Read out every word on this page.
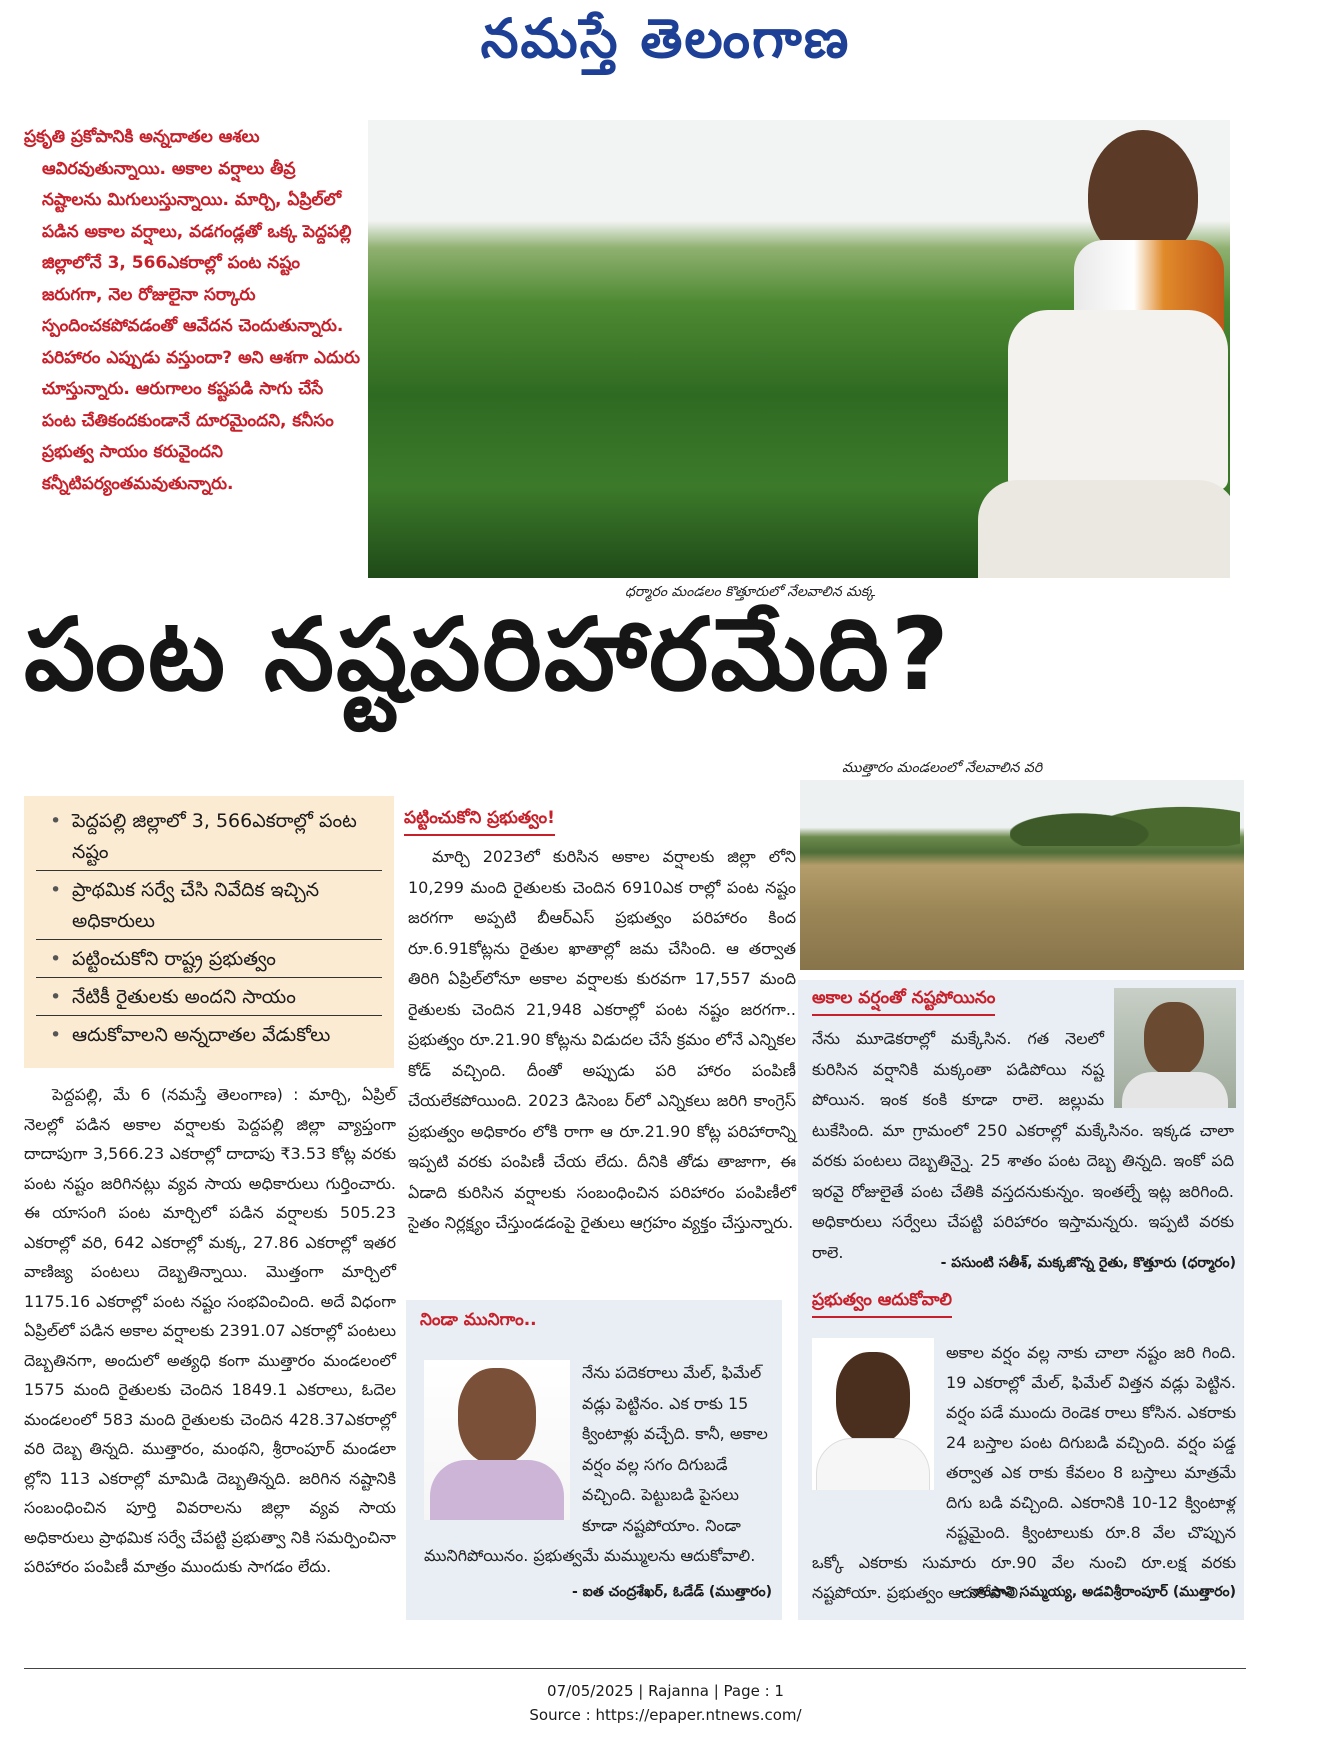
నమస్తే తెలంగాణ

ప్రకృతి ప్రకోపానికి అన్నదాతల ఆశలు ఆవిరవుతున్నాయి. అకాల వర్షాలు తీవ్ర నష్టాలను మిగులుస్తున్నాయి. మార్చి, ఏప్రిల్‌లో పడిన అకాల వర్షాలు, వడగండ్లతో ఒక్క పెద్దపల్లి జిల్లాలోనే 3, 566ఎకరాల్లో పంట నష్టం జరుగగా, నెల రోజులైనా సర్కారు స్పందించకపోవడంతో ఆవేదన చెందుతున్నారు. పరిహారం ఎప్పుడు వస్తుందా? అని ఆశగా ఎదురు చూస్తున్నారు. ఆరుగాలం కష్టపడి సాగు చేసే పంట చేతికందకుండానే దూరమైందని, కనీసం ప్రభుత్వ సాయం కరువైందని కన్నీటిపర్యంతమవుతున్నారు.

ధర్మారం మండలం కొత్తూరులో నేలవాలిన మక్క
పంట నష్టపరిహారమేది?
ముత్తారం మండలంలో నేలవాలిన వరి
• పెద్దపల్లి జిల్లాలో 3, 566ఎకరాల్లో పంట నష్టం
• ప్రాథమిక సర్వే చేసి నివేదిక ఇచ్చిన అధికారులు
• పట్టించుకోని రాష్ట్ర ప్రభుత్వం
• నేటికీ రైతులకు అందని సాయం
• ఆదుకోవాలని అన్నదాతల వేడుకోలు
పెద్దపల్లి, మే 6 (నమస్తే తెలంగాణ) : మార్చి, ఏప్రిల్ నెలల్లో పడిన అకాల వర్షాలకు పెద్దపల్లి జిల్లా వ్యాప్తంగా దాదాపుగా 3,566.23 ఎకరాల్లో దాదాపు ₹3.53 కోట్ల వరకు పంట నష్టం జరిగినట్లు వ్యవ సాయ అధికారులు గుర్తించారు. ఈ యాసంగి పంట మార్చిలో పడిన వర్షాలకు 505.23 ఎకరాల్లో వరి, 642 ఎకరాల్లో మక్క, 27.86 ఎకరాల్లో ఇతర వాణిజ్య పంటలు దెబ్బతిన్నాయి. మొత్తంగా మార్చిలో 1175.16 ఎకరాల్లో పంట నష్టం సంభవించింది. అదే విధంగా ఏప్రిల్‌లో పడిన అకాల వర్షాలకు 2391.07 ఎకరాల్లో పంటలు దెబ్బతినగా, అందులో అత్యధి కంగా ముత్తారం మండలంలో 1575 మంది రైతులకు చెందిన 1849.1 ఎకరాలు, ఓదెల మండలంలో 583 మంది రైతులకు చెందిన 428.37ఎకరాల్లో వరి దెబ్బ తిన్నది. ముత్తారం, మంథని, శ్రీరాంపూర్ మండలా ల్లోని 113 ఎకరాల్లో మామిడి దెబ్బతిన్నది. జరిగిన నష్టానికి సంబంధించిన పూర్తి వివరాలను జిల్లా వ్యవ సాయ అధికారులు ప్రాథమిక సర్వే చేపట్టి ప్రభుత్వా నికి సమర్పించినా పరిహారం పంపిణీ మాత్రం ముందుకు సాగడం లేదు.
పట్టించుకోని ప్రభుత్వం!
మార్చి 2023లో కురిసిన అకాల వర్షాలకు జిల్లా లోని 10,299 మంది రైతులకు చెందిన 6910ఎక రాల్లో పంట నష్టం జరగగా అప్పటి బీఆర్‌ఎస్ ప్రభుత్వం పరిహారం కింద రూ.6.91కోట్లను రైతుల ఖాతాల్లో జమ చేసింది. ఆ తర్వాత తిరిగి ఏప్రిల్‌లోనూ అకాల వర్షాలకు కురవగా 17,557 మంది రైతులకు చెందిన 21,948 ఎకరాల్లో పంట నష్టం జరగగా.. ప్రభుత్వం రూ.21.90 కోట్లను విడుదల చేసే క్రమం లోనే ఎన్నికల కోడ్ వచ్చింది. దీంతో అప్పుడు పరి హారం పంపిణీ చేయలేకపోయింది. 2023 డిసెంబ ర్‌లో ఎన్నికలు జరిగి కాంగ్రెస్ ప్రభుత్వం అధికారం లోకి రాగా ఆ రూ.21.90 కోట్ల పరిహారాన్ని ఇప్పటి వరకు పంపిణీ చేయ లేదు. దీనికి తోడు తాజాగా, ఈ ఏడాది కురిసిన వర్షాలకు సంబంధించిన పరిహారం పంపిణీలో సైతం నిర్లక్ష్యం చేస్తుండడంపై రైతులు ఆగ్రహం వ్యక్తం చేస్తున్నారు.
అకాల వర్షంతో నష్టపోయినం
నేను మూడెకరాల్లో మక్కేసిన. గత నెలలో కురిసిన వర్షానికి మక్కంతా పడిపోయి నష్ట పోయిన. ఇంక కంకి కూడా రాలె. జల్లుమ టుకేసింది. మా గ్రామంలో 250 ఎకరాల్లో మక్కేసినం. ఇక్కడ చాలా వరకు పంటలు దెబ్బతిన్నై. 25 శాతం పంట దెబ్బ తిన్నది. ఇంకో పది ఇరవై రోజులైతే పంట చేతికి వస్తదనుకున్నం. ఇంతల్నే ఇట్ల జరిగింది. అధికారులు సర్వేలు చేపట్టి పరిహారం ఇస్తామన్నరు. ఇప్పటి వరకు రాలె.
- పసుంటి సతీశ్, మక్కజొన్న రైతు, కొత్తూరు (ధర్మారం)
ప్రభుత్వం ఆదుకోవాలి
అకాల వర్షం వల్ల నాకు చాలా నష్టం జరి గింది. 19 ఎకరాల్లో మేల్, ఫిమేల్ విత్తన వడ్లు పెట్టిన. వర్షం పడే ముందు రెండెక రాలు కోసిన. ఎకరాకు 24 బస్తాల పంట దిగుబడి వచ్చింది. వర్షం పడ్డ తర్వాత ఎక రాకు కేవలం 8 బస్తాలు మాత్రమే దిగు బడి వచ్చింది. ఎకరానికి 10-12 క్వింటాళ్ల నష్టమైంది. క్వింటాలుకు రూ.8 వేల చొప్పున ఒక్కో ఎకరాకు సుమారు రూ.90 వేల నుంచి రూ.లక్ష వరకు నష్టపోయా. ప్రభుత్వం ఆదుకోవాలి.
- నాంసాని సమ్మయ్య, అడవిశ్రీరాంపూర్ (ముత్తారం)
నిండా మునిగాం..
నేను పదెకరాలు మేల్, ఫిమేల్ వడ్లు పెట్టినం. ఎక రాకు 15 క్వింటాళ్లు వచ్చేది. కానీ, అకాల వర్షం వల్ల సగం దిగుబడే వచ్చింది. పెట్టుబడి పైసలు కూడా నష్టపోయాం. నిండా మునిగిపోయినం. ప్రభుత్వమే మమ్ములను ఆదుకోవాలి.
- ఐత చంద్రశేఖర్, ఓడేడ్ (ముత్తారం)
07/05/2025 | Rajanna | Page : 1
Source : https://epaper.ntnews.com/
